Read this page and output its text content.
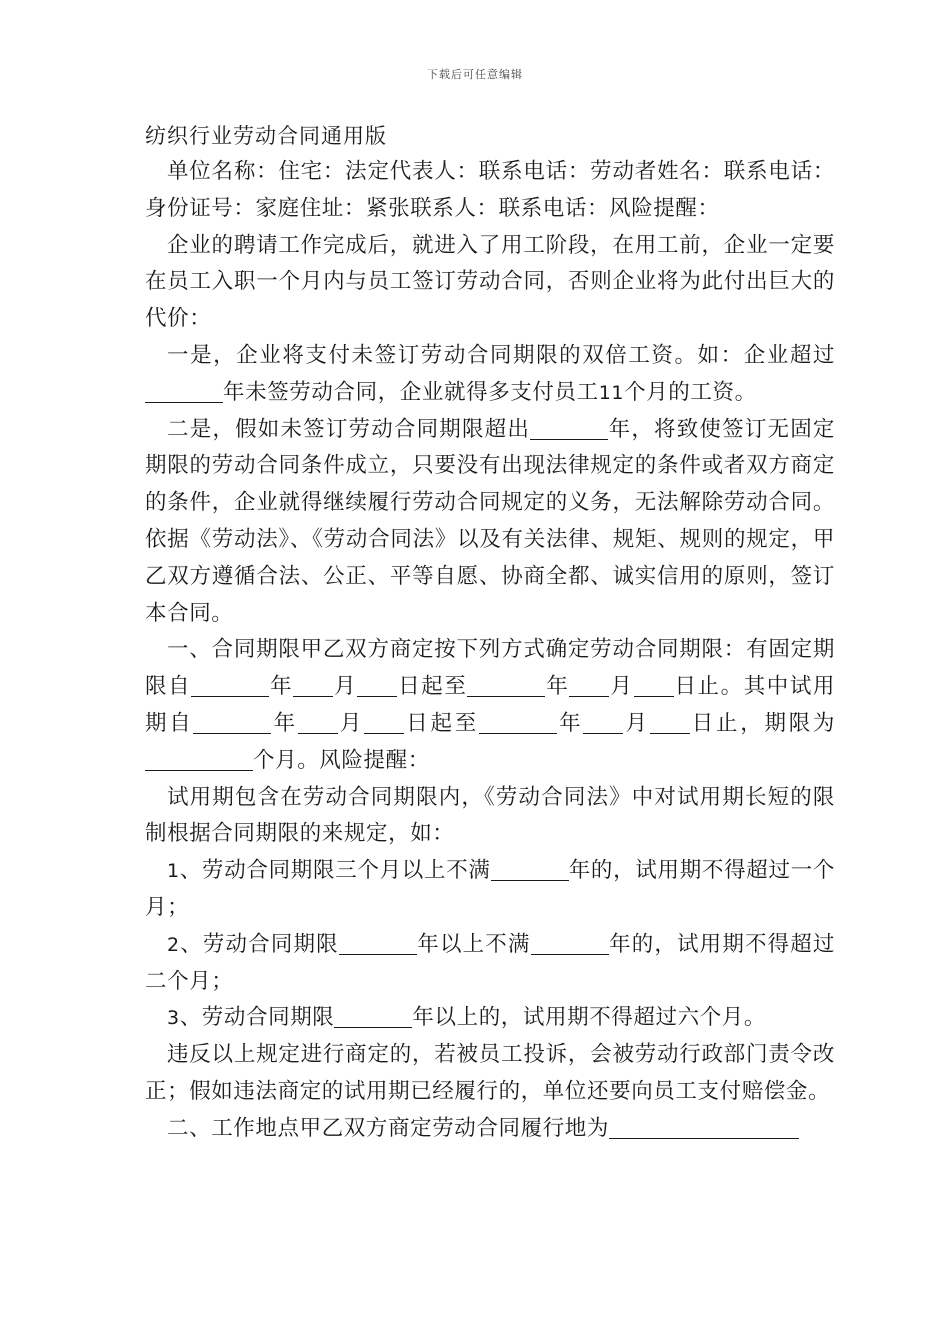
下载后可任意编辑
纺织行业劳动合同通用版

单位名称：住宅：法定代表人：联系电话：劳动者姓名：联系电话：身份证号：家庭住址：紧张联系人：联系电话：风险提醒：

企业的聘请工作完成后，就进入了用工阶段，在用工前，企业一定要在员工入职一个月内与员工签订劳动合同，否则企业将为此付出巨大的代价：

一是，企业将支付未签订劳动合同期限的双倍工资。如：企业超过年未签劳动合同，企业就得多支付员工11个月的工资。

二是，假如未签订劳动合同期限超出	年，将致使签订无固定期限的劳动合同条件成立，只要没有出现法律规定的条件或者双方商定的条件，企业就得继续履行劳动合同规定的义务，无法解除劳动合同。依据《劳动法》、《劳动合同法》以及有关法律、规矩、规则的规定，甲乙双方遵循合法、公正、平等自愿、协商全都、诚实信用的原则，签订本合同。

一、合同期限甲乙双方商定按下列方式确定劳动合同期限：有固定期限自	年 月 日起至	年 月 日止。其中试用期自	年 月 日起至	年 月 日止，期限为个月。风险提醒：

试用期包含在劳动合同期限内，《劳动合同法》中对试用期长短的限制根据合同期限的来规定，如：

1、劳动合同期限三个月以上不满	年的，试用期不得超过一个月；

2、劳动合同期限	年以上不满	年的，试用期不得超过二个月；

3、劳动合同期限	年以上的，试用期不得超过六个月。

违反以上规定进行商定的，若被员工投诉，会被劳动行政部门责令改正；假如违法商定的试用期已经履行的，单位还要向员工支付赔偿金。

二、工作地点甲乙双方商定劳动合同履行地为
